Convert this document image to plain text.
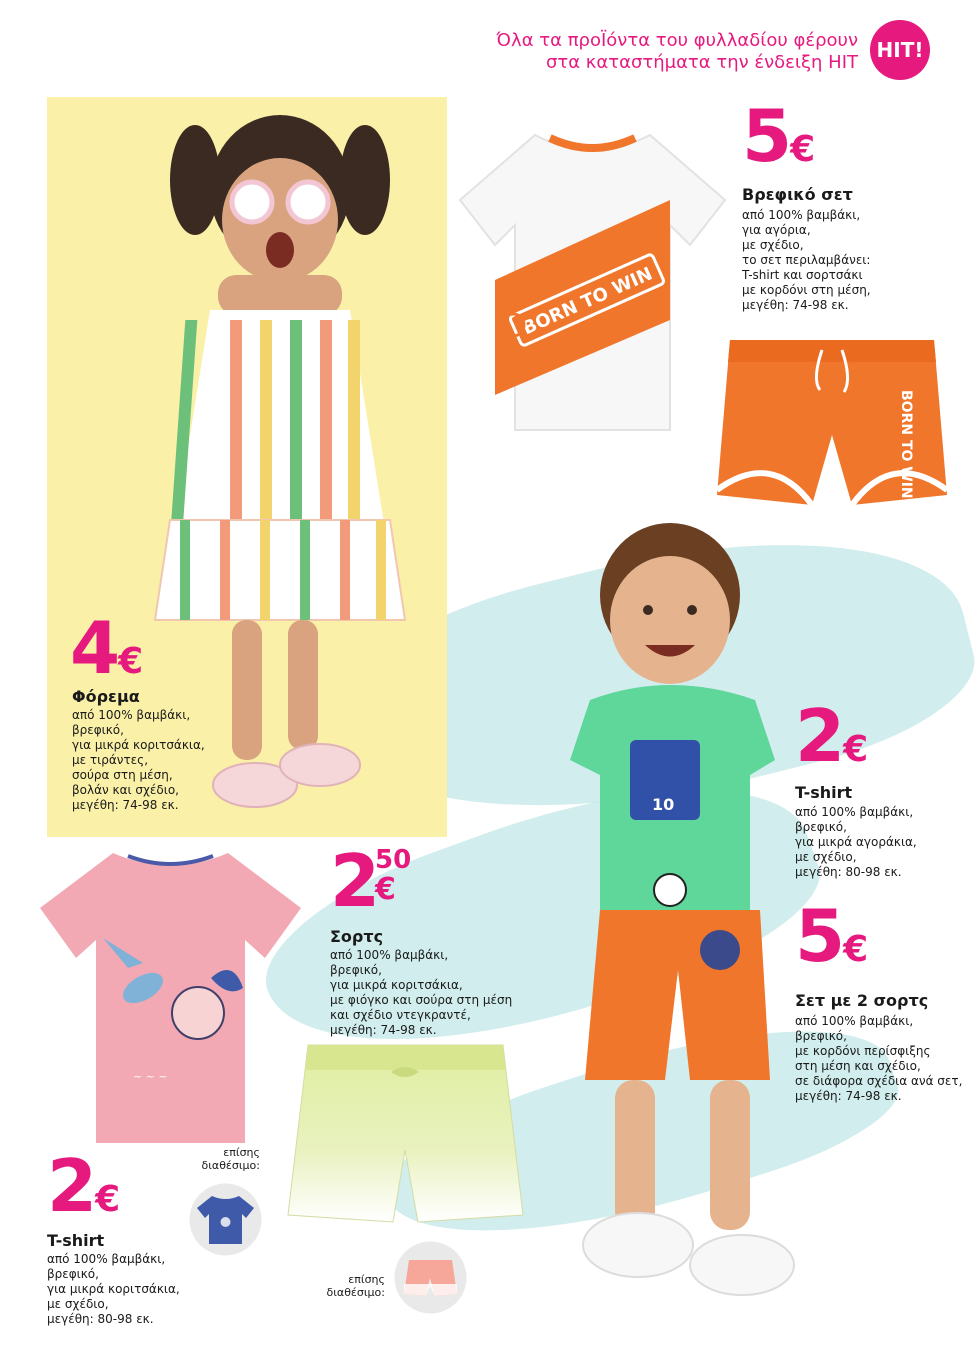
Όλα τα προΪόντα του φυλλαδίου φέρουν
στα καταστήματα την ένδειξη HIT
HIT!
4€
Φόρεμα
από 100% βαμβάκι,
βρεφικό,
για μικρά κοριτσάκια,
με τιράντες,
σούρα στη μέση,
βολάν και σχέδιο,
μεγέθη: 74-98 εκ.
BORN TO WIN
BORN TO WIN
5€
Βρεφικό σετ
από 100% βαμβάκι,
για αγόρια,
με σχέδιο,
το σετ περιλαμβάνει:
T-shirt και σορτσάκι
με κορδόνι στη μέση,
μεγέθη: 74-98 εκ.
10
2€
T-shirt
από 100% βαμβάκι,
βρεφικό,
για μικρά αγοράκια,
με σχέδιο,
μεγέθη: 80-98 εκ.
5€
Σετ με 2 σορτς
από 100% βαμβάκι,
βρεφικό,
με κορδόνι περίσφιξης
στη μέση και σχέδιο,
σε διάφορα σχέδια ανά σετ,
μεγέθη: 74-98 εκ.
~ ~ ~
2
50
€
Σορτς
από 100% βαμβάκι,
βρεφικό,
για μικρά κοριτσάκια,
με φιόγκο και σούρα στη μέση
και σχέδιο ντεγκραντέ,
μεγέθη: 74-98 εκ.
επίσης
διαθέσιμο:
2€
T-shirt
από 100% βαμβάκι,
βρεφικό,
για μικρά κοριτσάκια,
με σχέδιο,
μεγέθη: 80-98 εκ.
επίσης
διαθέσιμο:
